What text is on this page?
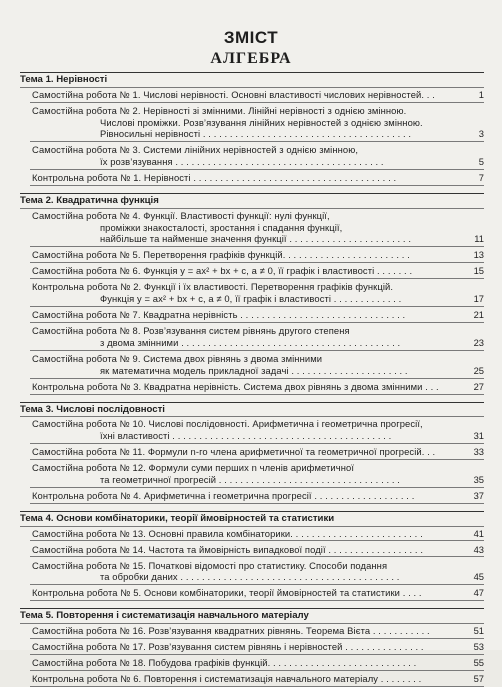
ЗМІСТ
АЛГЕБРА
Тема 1. Нерівності
Самостійна робота № 1. Числові нерівності. Основні властивості числових нерівностей. . .	1
Самостійна робота № 2. Нерівності зі змінними. Лінійні нерівності з однією змінною.
Числові проміжки. Розв’язування лінійних нерівностей з однією змінною.
Рівносильні нерівності . . . . . . . . . . . . . . . . . . . . . . . . . . . . . . . . . . . . . . .	3
Самостійна робота № 3. Системи лінійних нерівностей з однією змінною,
їх розв’язування . . . . . . . . . . . . . . . . . . . . . . . . . . . . . . . . . . . . . . .	5
Контрольна робота № 1. Нерівності . . . . . . . . . . . . . . . . . . . . . . . . . . . . . . . . . . . . . .	7
Тема 2. Квадратична функція
Самостійна робота № 4. Функції. Властивості функції: нулі функції,
проміжки знакосталості, зростання і спадання функції,
найбільше та найменше значення функції . . . . . . . . . . . . . . . . . . . . . . .	11
Самостійна робота № 5. Перетворення графіків функцій. . . . . . . . . . . . . . . . . . . . . . . .	13
Самостійна робота № 6. Функція y = ax² + bx + c, a ≠ 0, її графік і властивості . . . . . . .	15
Контрольна робота № 2. Функції і їх властивості. Перетворення графіків функцій.
Функція y = ax² + bx + c, a ≠ 0, її графік і властивості . . . . . . . . . . . . .	17
Самостійна робота № 7. Квадратна нерівність . . . . . . . . . . . . . . . . . . . . . . . . . . . . . . .	21
Самостійна робота № 8. Розв’язування систем рівнянь другого степеня
з двома змінними . . . . . . . . . . . . . . . . . . . . . . . . . . . . . . . . . . . . . . . . .	23
Самостійна робота № 9. Система двох рівнянь з двома змінними
як математична модель прикладної задачі . . . . . . . . . . . . . . . . . . . . . .	25
Контрольна робота № 3. Квадратна нерівність. Система двох рівнянь з двома змінними . . .	27
Тема 3. Числові послідовності
Самостійна робота № 10. Числові послідовності. Арифметична і геометрична прогресії,
їхні властивості . . . . . . . . . . . . . . . . . . . . . . . . . . . . . . . . . . . . . . . . .	31
Самостійна робота № 11. Формули n-го члена арифметичної та геометричної прогресій. . .	33
Самостійна робота № 12. Формули суми перших n членів арифметичної
та геометричної прогресій . . . . . . . . . . . . . . . . . . . . . . . . . . . . . . . . . .	35
Контрольна робота № 4. Арифметична і геометрична прогресії . . . . . . . . . . . . . . . . . . .	37
Тема 4. Основи комбінаторики, теорії ймовірностей та статистики
Самостійна робота № 13. Основні правила комбінаторики. . . . . . . . . . . . . . . . . . . . . . . . .	41
Самостійна робота № 14. Частота та ймовірність випадкової події . . . . . . . . . . . . . . . . . .	43
Самостійна робота № 15. Початкові відомості про статистику. Способи подання
та обробки даних . . . . . . . . . . . . . . . . . . . . . . . . . . . . . . . . . . . . . . . . .	45
Контрольна робота № 5. Основи комбінаторики, теорії ймовірностей та статистики . . . .	47
Тема 5. Повторення і систематизація навчального матеріалу
Самостійна робота № 16. Розв’язування квадратних рівнянь. Теорема Вієта . . . . . . . . . . .	51
Самостійна робота № 17. Розв’язування систем рівнянь і нерівностей . . . . . . . . . . . . . . .	53
Самостійна робота № 18. Побудова графіків функцій. . . . . . . . . . . . . . . . . . . . . . . . . . . .	55
Контрольна робота № 6. Повторення і систематизація навчального матеріалу . . . . . . . .	57
